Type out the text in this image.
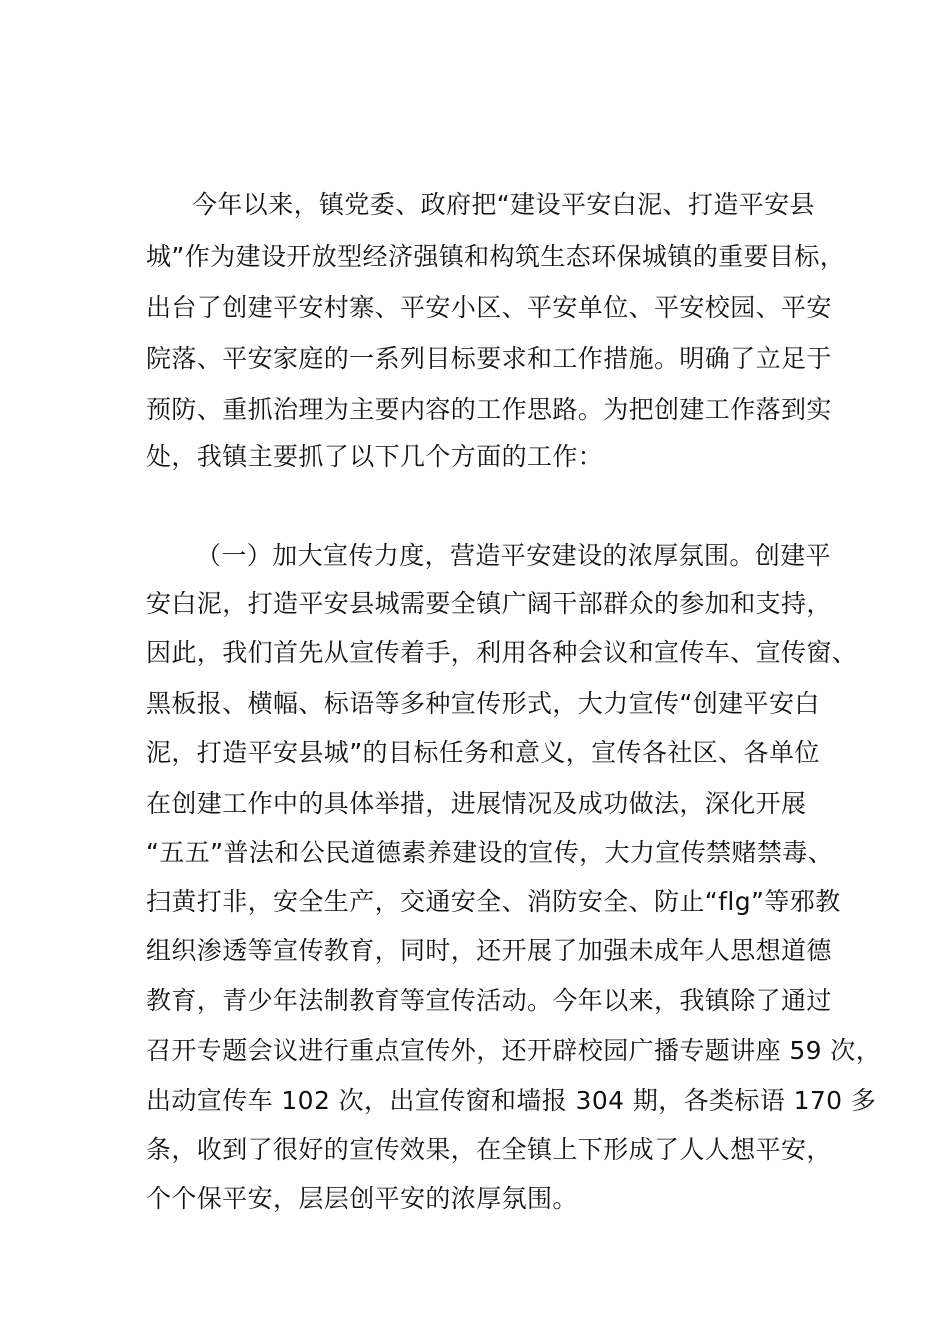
今年以来，镇党委、政府把“建设平安白泥、打造平安县
城”作为建设开放型经济强镇和构筑生态环保城镇的重要目标，
出台了创建平安村寨、平安小区、平安单位、平安校园、平安
院落、平安家庭的一系列目标要求和工作措施。明确了立足于
预防、重抓治理为主要内容的工作思路。为把创建工作落到实
处，我镇主要抓了以下几个方面的工作：
（一）加大宣传力度，营造平安建设的浓厚氛围。创建平
安白泥，打造平安县城需要全镇广阔干部群众的参加和支持，
因此，我们首先从宣传着手，利用各种会议和宣传车、宣传窗、
黑板报、横幅、标语等多种宣传形式，大力宣传“创建平安白
泥，打造平安县城”的目标任务和意义，宣传各社区、各单位
在创建工作中的具体举措，进展情况及成功做法，深化开展
“五五”普法和公民道德素养建设的宣传，大力宣传禁赌禁毒、
扫黄打非，安全生产，交通安全、消防安全、防止“flg”等邪教
组织渗透等宣传教育，同时，还开展了加强未成年人思想道德
教育，青少年法制教育等宣传活动。今年以来，我镇除了通过
召开专题会议进行重点宣传外，还开辟校园广播专题讲座 59 次，
出动宣传车 102 次，出宣传窗和墙报 304 期，各类标语 170 多
条，收到了很好的宣传效果，在全镇上下形成了人人想平安，
个个保平安，层层创平安的浓厚氛围。
